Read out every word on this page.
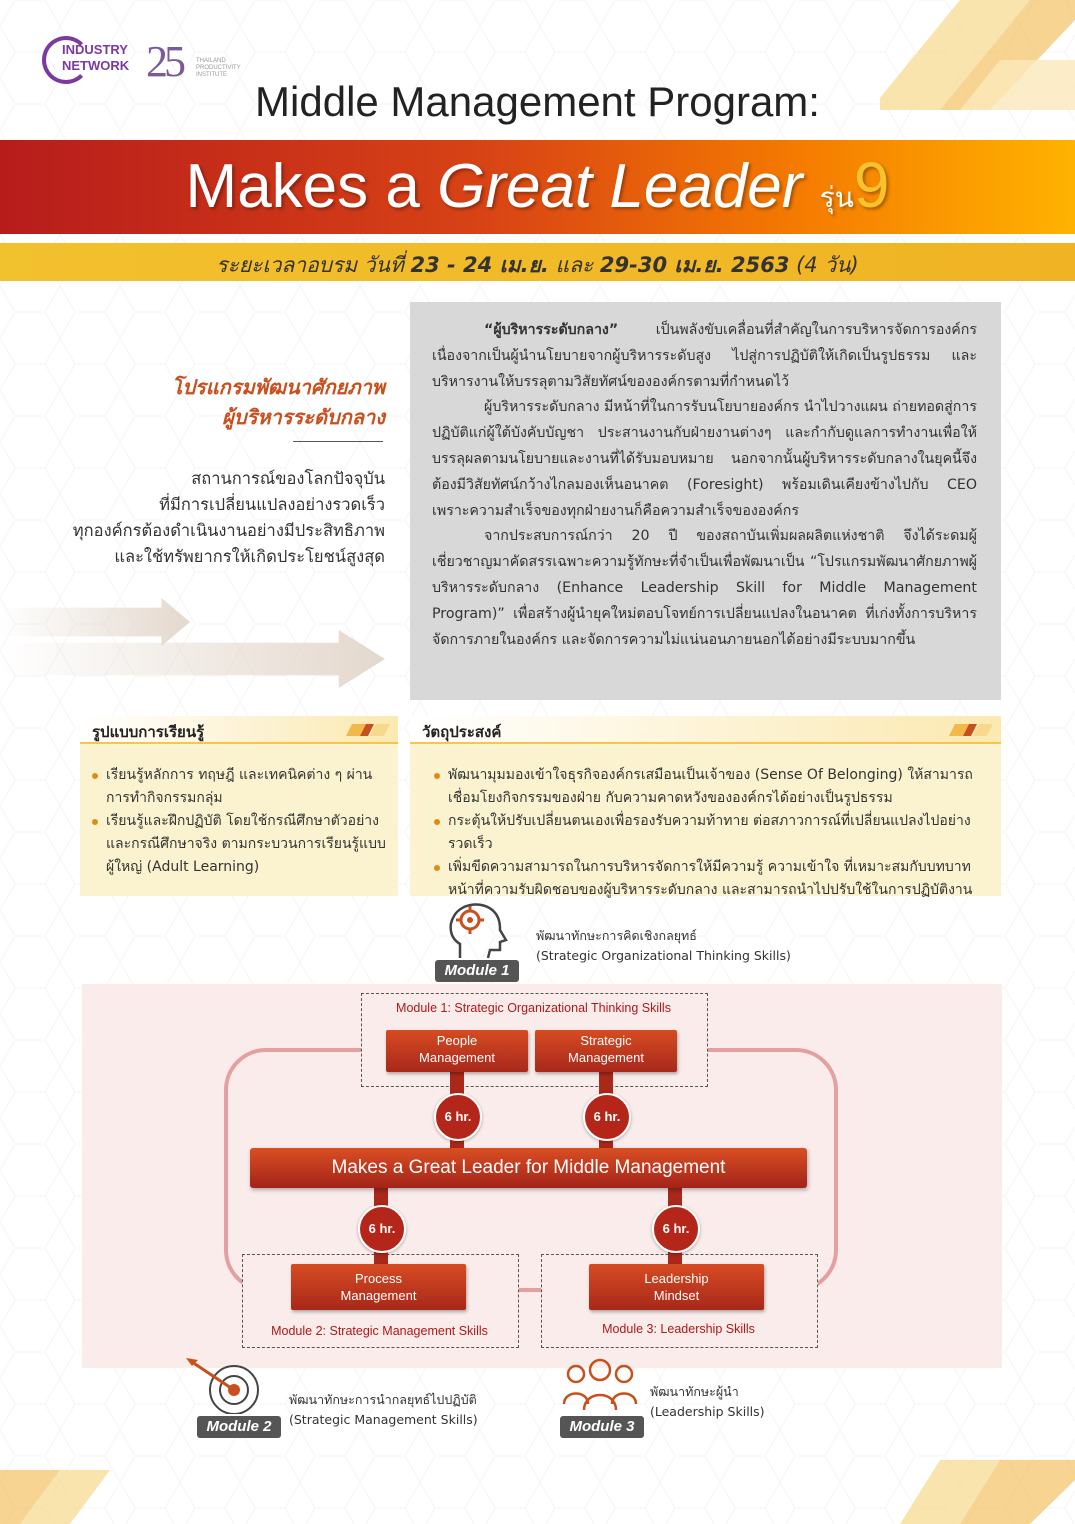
INDUSTRY
NETWORK 25 THAILAND PRODUCTIVITY INSTITUTE
Middle Management Program:
Makes a Great Leader รุ่น9
ระยะเวลาอบรม วันที่ 23 - 24 เม.ย. และ 29-30 เม.ย. 2563 (4 วัน)
โปรแกรมพัฒนาศักยภาพ
ผู้บริหารระดับกลาง
สถานการณ์ของโลกปัจจุบัน
ที่มีการเปลี่ยนแปลงอย่างรวดเร็ว
ทุกองค์กรต้องดำเนินงานอย่างมีประสิทธิภาพ
และใช้ทรัพยากรให้เกิดประโยชน์สูงสุด

“ผู้บริหารระดับกลาง” เป็นพลังขับเคลื่อนที่สำคัญในการบริหารจัดการองค์กร เนื่องจากเป็นผู้นำนโยบายจากผู้บริหารระดับสูง ไปสู่การปฏิบัติให้เกิดเป็นรูปธรรม และบริหารงานให้บรรลุตามวิสัยทัศน์ขององค์กรตามที่กำหนดไว้

ผู้บริหารระดับกลาง มีหน้าที่ในการรับนโยบายองค์กร นำไปวางแผน ถ่ายทอดสู่การปฏิบัติแก่ผู้ใต้บังคับบัญชา ประสานงานกับฝ่ายงานต่างๆ และกำกับดูแลการทำงานเพื่อให้บรรลุผลตามนโยบายและงานที่ได้รับมอบหมาย นอกจากนั้นผู้บริหารระดับกลางในยุคนี้จึงต้องมีวิสัยทัศน์กว้างไกลมองเห็นอนาคต (Foresight) พร้อมเดินเคียงข้างไปกับ CEO เพราะความสำเร็จของทุกฝ่ายงานก็คือความสำเร็จขององค์กร

จากประสบการณ์กว่า 20 ปี ของสถาบันเพิ่มผลผลิตแห่งชาติ จึงได้ระดมผู้เชี่ยวชาญมาคัดสรรเฉพาะความรู้ทักษะที่จำเป็นเพื่อพัฒนาเป็น “โปรแกรมพัฒนาศักยภาพผู้บริหารระดับกลาง (Enhance Leadership Skill for Middle Management Program)” เพื่อสร้างผู้นำยุคใหม่ตอบโจทย์การเปลี่ยนแปลงในอนาคต ที่เก่งทั้งการบริหารจัดการภายในองค์กร และจัดการความไม่แน่นอนภายนอกได้อย่างมีระบบมากขึ้น

รูปแบบการเรียนรู้
เรียนรู้หลักการ ทฤษฎี และเทคนิคต่าง ๆ ผ่านการทำกิจกรรมกลุ่ม
เรียนรู้และฝึกปฏิบัติ โดยใช้กรณีศึกษาตัวอย่าง และกรณีศึกษาจริง ตามกระบวนการเรียนรู้แบบผู้ใหญ่ (Adult Learning)
วัตถุประสงค์
พัฒนามุมมองเข้าใจธุรกิจองค์กรเสมือนเป็นเจ้าของ (Sense Of Belonging) ให้สามารถเชื่อมโยงกิจกรรมของฝ่าย กับความคาดหวังขององค์กรได้อย่างเป็นรูปธรรม
กระตุ้นให้ปรับเปลี่ยนตนเองเพื่อรองรับความท้าทาย ต่อสภาวการณ์ที่เปลี่ยนแปลงไปอย่างรวดเร็ว
เพิ่มขีดความสามารถในการบริหารจัดการให้มีความรู้ ความเข้าใจ ที่เหมาะสมกับบทบาทหน้าที่ความรับผิดชอบของผู้บริหารระดับกลาง และสามารถนำไปปรับใช้ในการปฏิบัติงาน
Module 1
พัฒนาทักษะการคิดเชิงกลยุทธ์
(Strategic Organizational Thinking Skills)
Module 1: Strategic Organizational Thinking Skills
Module 2: Strategic Management Skills	Module 3: Leadership Skills
People
Management
Strategic
Management
6 hr.	6 hr.
Makes a Great Leader for Middle Management
6 hr.	6 hr.
Process
Management
Leadership
Mindset
Module 2
พัฒนาทักษะการนำกลยุทธ์ไปปฏิบัติ
(Strategic Management Skills)	Module 3
พัฒนาทักษะผู้นำ
(Leadership Skills)
